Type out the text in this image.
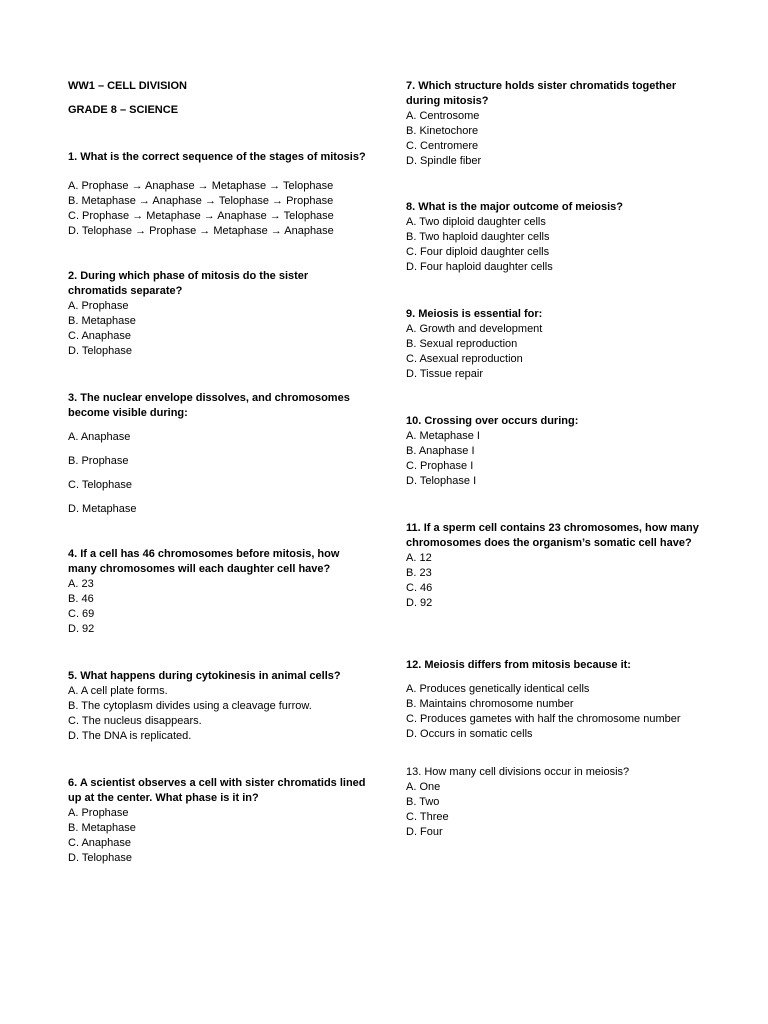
WW1 – CELL DIVISION

GRADE 8 – SCIENCE

1. What is the correct sequence of the stages of mitosis?

A. Prophase → Anaphase → Metaphase → Telophase

B. Metaphase → Anaphase → Telophase → Prophase

C. Prophase → Metaphase → Anaphase → Telophase

D. Telophase → Prophase → Metaphase → Anaphase

2. During which phase of mitosis do the sister chromatids separate?

A. Prophase

B. Metaphase

C. Anaphase

D. Telophase

3. The nuclear envelope dissolves, and chromosomes become visible during:

A. Anaphase

B. Prophase

C. Telophase

D. Metaphase

4. If a cell has 46 chromosomes before mitosis, how many chromosomes will each daughter cell have?

A. 23

B. 46

C. 69

D. 92

5. What happens during cytokinesis in animal cells?

A. A cell plate forms.

B. The cytoplasm divides using a cleavage furrow.

C. The nucleus disappears.

D. The DNA is replicated.

6. A scientist observes a cell with sister chromatids lined up at the center. What phase is it in?

A. Prophase

B. Metaphase

C. Anaphase

D. Telophase

7. Which structure holds sister chromatids together during mitosis?

A. Centrosome

B. Kinetochore

C. Centromere

D. Spindle fiber

8. What is the major outcome of meiosis?

A. Two diploid daughter cells

B. Two haploid daughter cells

C. Four diploid daughter cells

D. Four haploid daughter cells

9. Meiosis is essential for:

A. Growth and development

B. Sexual reproduction

C. Asexual reproduction

D. Tissue repair

10. Crossing over occurs during:

A. Metaphase I

B. Anaphase I

C. Prophase I

D. Telophase I

11. If a sperm cell contains 23 chromosomes, how many chromosomes does the organism’s somatic cell have?

A. 12

B. 23

C. 46

D. 92

12. Meiosis differs from mitosis because it:

A. Produces genetically identical cells

B. Maintains chromosome number

C. Produces gametes with half the chromosome number

D. Occurs in somatic cells

13. How many cell divisions occur in meiosis?

A. One

B. Two

C. Three

D. Four
